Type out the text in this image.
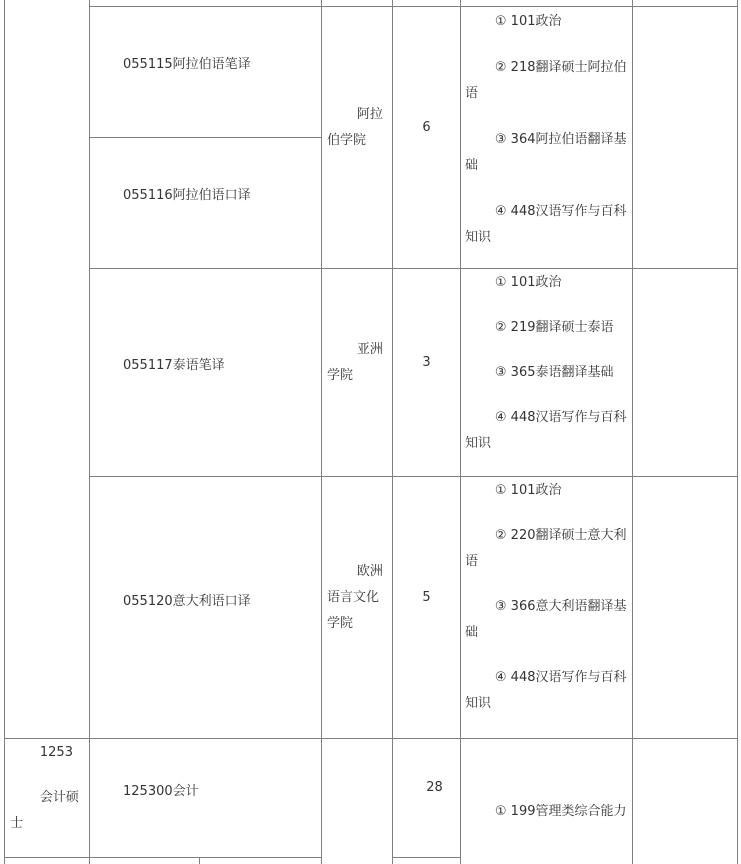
055115阿拉伯语笔译
055116阿拉伯语口译

阿拉

伯学院

6

① 101政治

② 218翻译硕士阿拉伯语

③ 364阿拉伯语翻译基础

④ 448汉语写作与百科知识

055117泰语笔译

亚洲

学院

3

① 101政治

② 219翻译硕士泰语

③ 365泰语翻译基础

④ 448汉语写作与百科知识

055120意大利语口译

欧洲

语言文化

学院

5

① 101政治

② 220翻译硕士意大利语

③ 366意大利语翻译基础

④ 448汉语写作与百科知识

1253

会计硕

士

125300会计	28

① 199管理类综合能力
